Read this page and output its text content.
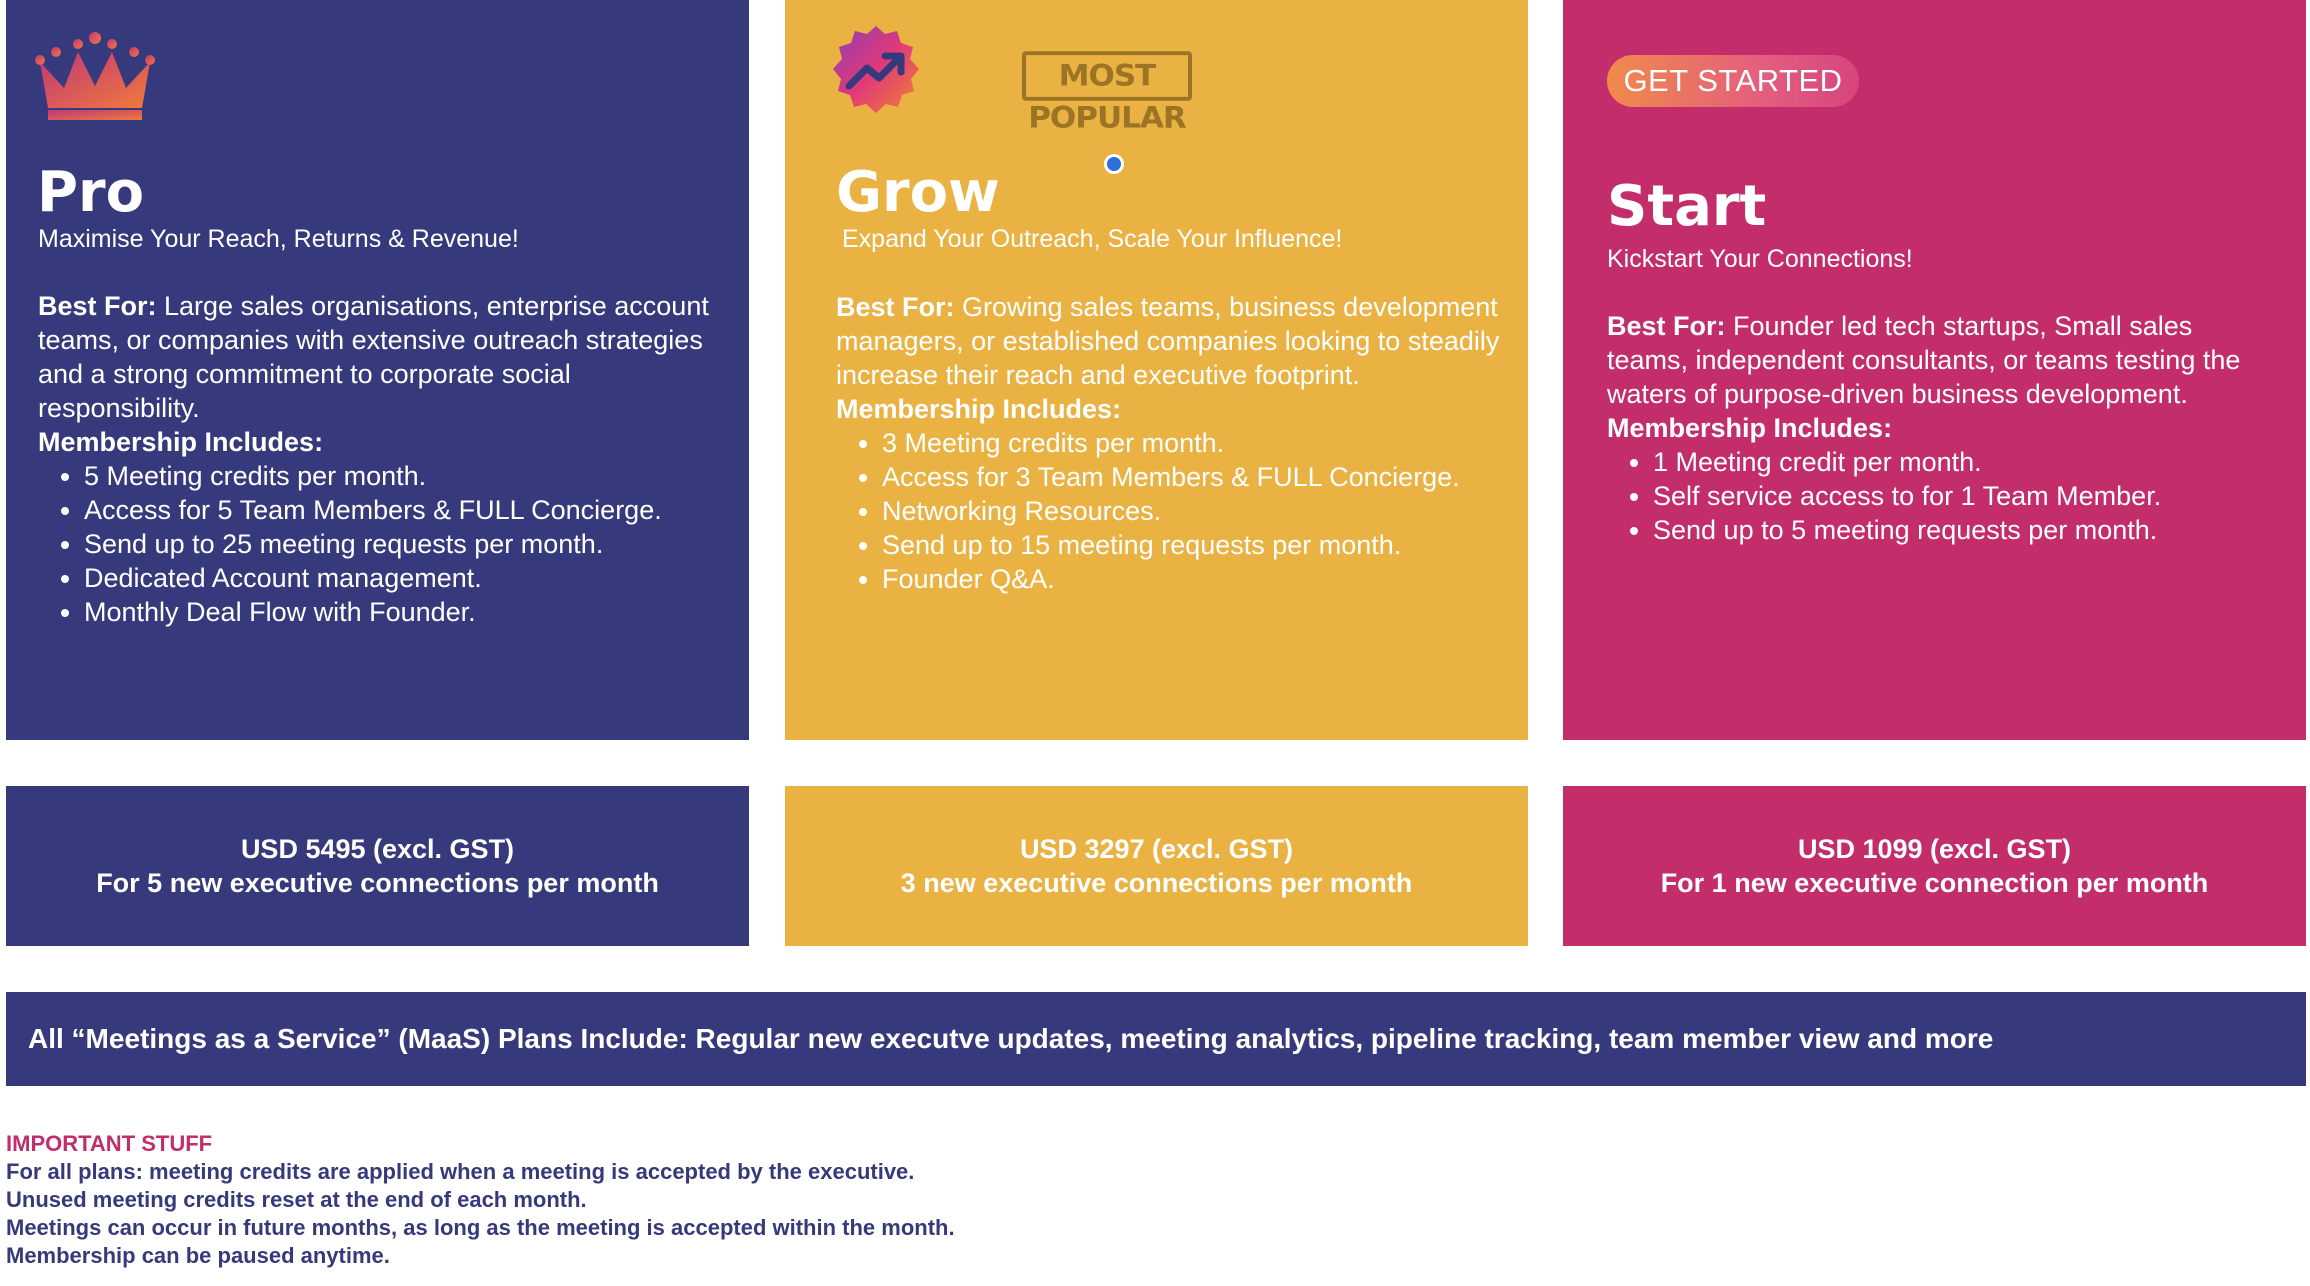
Pro

Maximise Your Reach, Returns & Revenue!

Best For: Large sales organisations, enterprise account teams, or companies with extensive outreach strategies and a strong commitment to corporate social responsibility.

Membership Includes:

• 5 Meeting credits per month.
• Access for 5 Team Members & FULL Concierge.
• Send up to 25 meeting requests per month.
• Dedicated Account management.
• Monthly Deal Flow with Founder.
MOST POPULAR
Grow

Expand Your Outreach, Scale Your Influence!

Best For: Growing sales teams, business development managers, or established companies looking to steadily increase their reach and executive footprint.

Membership Includes:

• 3 Meeting credits per month.
• Access for 3 Team Members & FULL Concierge.
• Networking Resources.
• Send up to 15 meeting requests per month.
• Founder Q&A.
GET STARTED
Start

Kickstart Your Connections!

Best For: Founder led tech startups, Small sales teams, independent consultants, or teams testing the waters of purpose-driven business development.

Membership Includes:

• 1 Meeting credit per month.
• Self service access to for 1 Team Member.
• Send up to 5 meeting requests per month.
USD 5495 (excl. GST)
For 5 new executive connections per month
USD 3297 (excl. GST)
3 new executive connections per month
USD 1099 (excl. GST)
For 1 new executive connection per month
All “Meetings as a Service” (MaaS) Plans Include: Regular new executve updates, meeting analytics, pipeline tracking, team member view and more
IMPORTANT STUFF
For all plans: meeting credits are applied when a meeting is accepted by the executive.
Unused meeting credits reset at the end of each month.
Meetings can occur in future months, as long as the meeting is accepted within the month.
Membership can be paused anytime.
